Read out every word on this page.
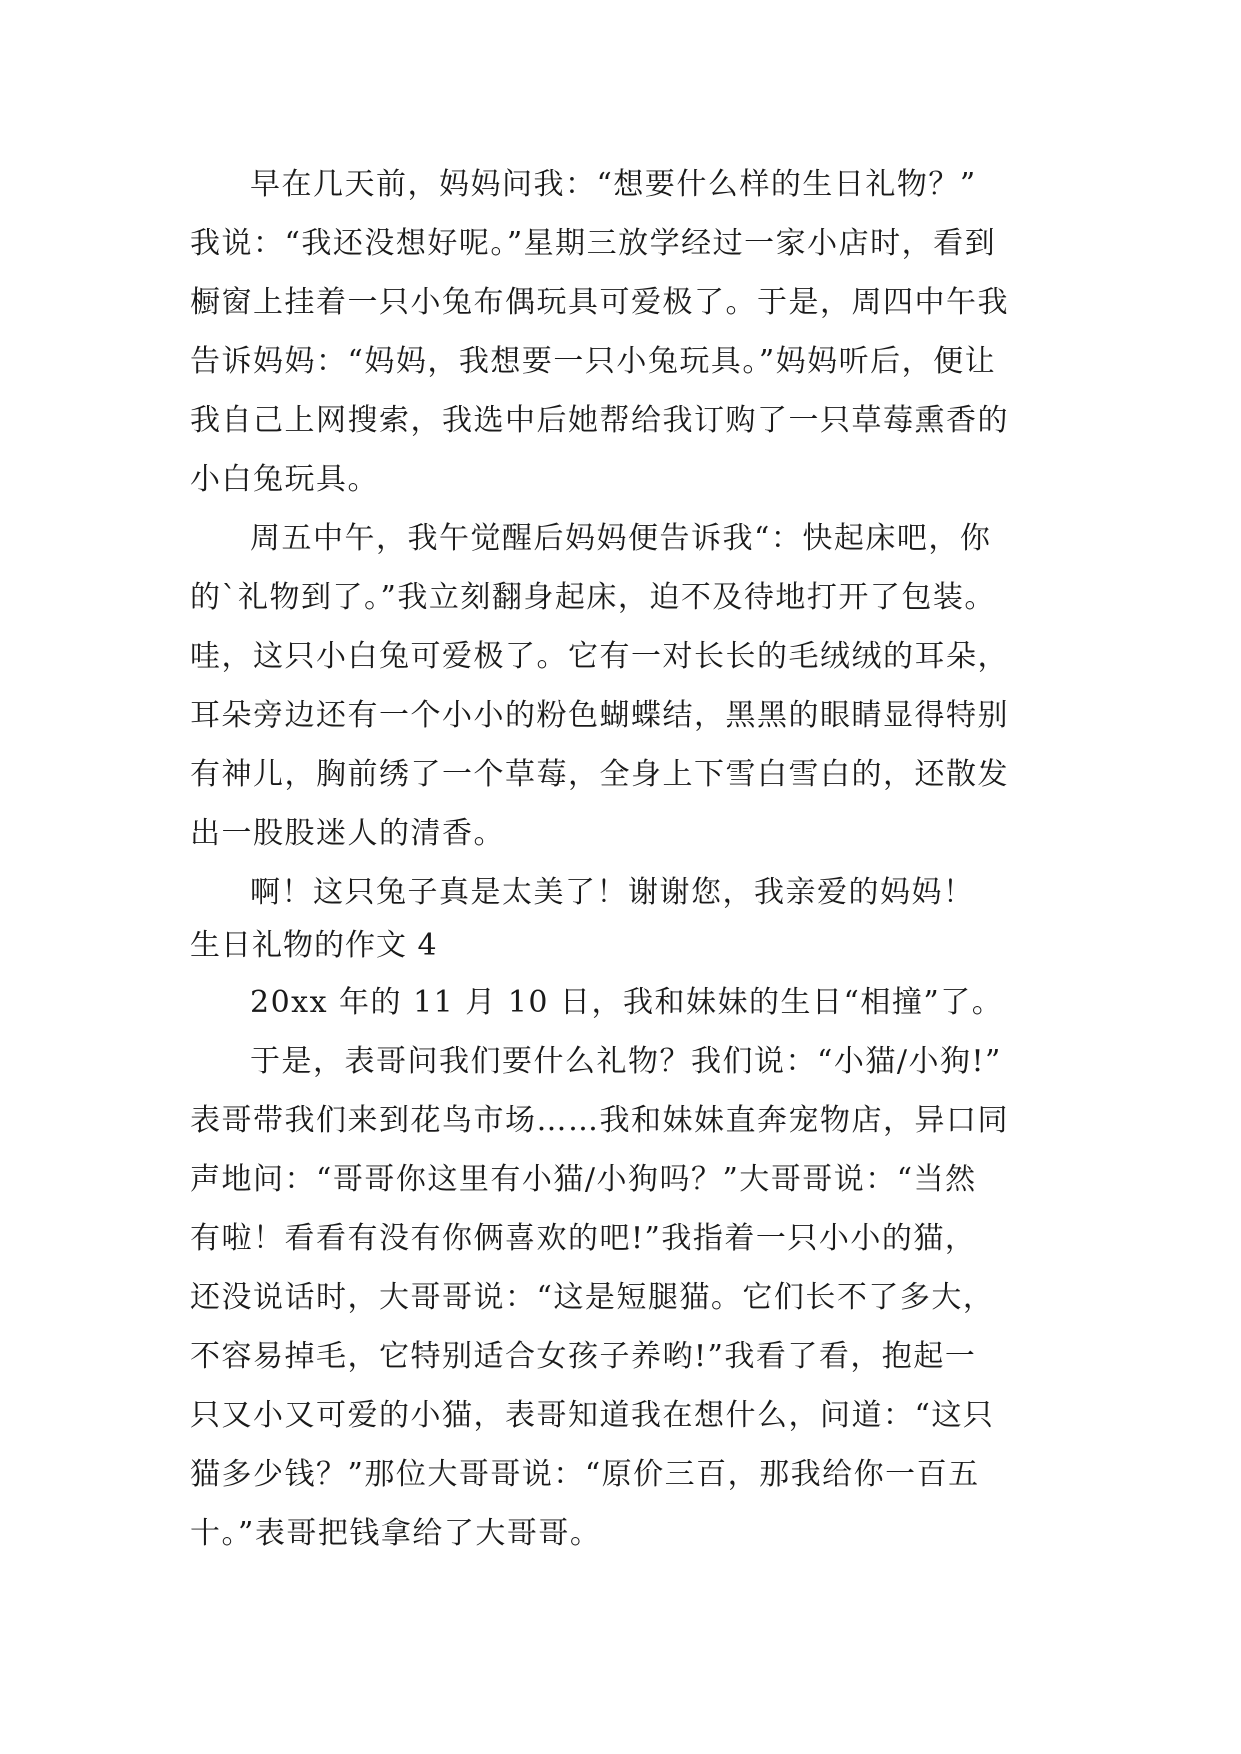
早在几天前，妈妈问我：“想要什么样的生日礼物？”
我说：“我还没想好呢。”星期三放学经过一家小店时，看到
橱窗上挂着一只小兔布偶玩具可爱极了。于是，周四中午我
告诉妈妈：“妈妈，我想要一只小兔玩具。”妈妈听后，便让
我自己上网搜索，我选中后她帮给我订购了一只草莓熏香的
小白兔玩具。
周五中午，我午觉醒后妈妈便告诉我“：快起床吧，你
的`礼物到了。”我立刻翻身起床，迫不及待地打开了包装。
哇，这只小白兔可爱极了。它有一对长长的毛绒绒的耳朵，
耳朵旁边还有一个小小的粉色蝴蝶结，黑黑的眼睛显得特别
有神儿，胸前绣了一个草莓，全身上下雪白雪白的，还散发
出一股股迷人的清香。
啊！这只兔子真是太美了！谢谢您，我亲爱的妈妈！
生日礼物的作文 4
20xx 年的 11 月 10 日，我和妹妹的生日“相撞”了。
于是，表哥问我们要什么礼物？我们说：“小猫/小狗!”
表哥带我们来到花鸟市场……我和妹妹直奔宠物店，异口同
声地问：“哥哥你这里有小猫/小狗吗？”大哥哥说：“当然
有啦！看看有没有你俩喜欢的吧!”我指着一只小小的猫，
还没说话时，大哥哥说：“这是短腿猫。它们长不了多大，
不容易掉毛，它特别适合女孩子养哟!”我看了看，抱起一
只又小又可爱的小猫，表哥知道我在想什么，问道：“这只
猫多少钱？”那位大哥哥说：“原价三百，那我给你一百五
十。”表哥把钱拿给了大哥哥。
